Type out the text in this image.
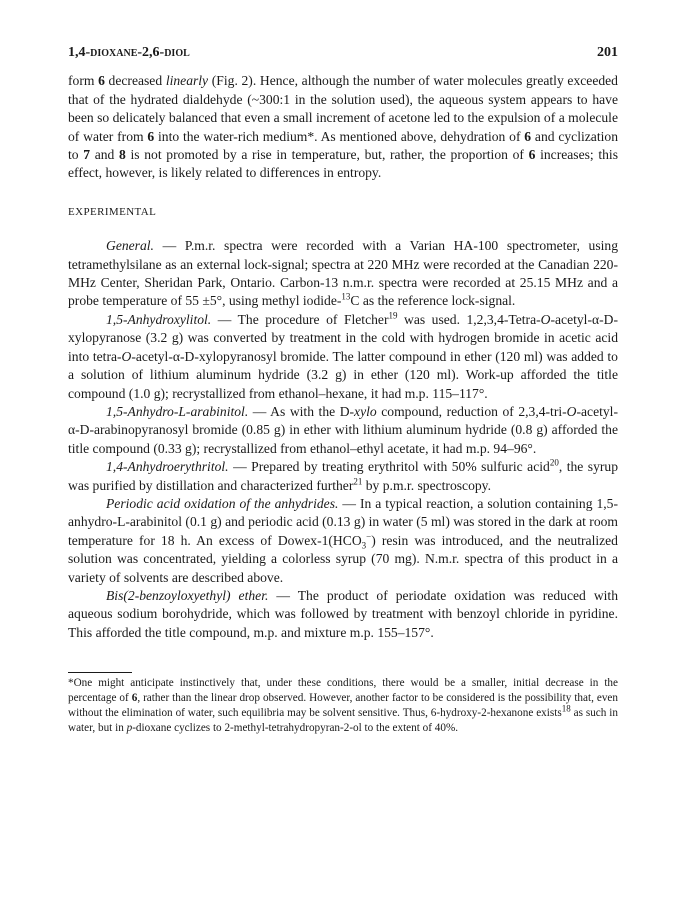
1,4-dioxane-2,6-diol	201

form 6 decreased linearly (Fig. 2). Hence, although the number of water molecules greatly exceeded that of the hydrated dialdehyde (~300:1 in the solution used), the aqueous system appears to have been so delicately balanced that even a small increment of acetone led to the expulsion of a molecule of water from 6 into the water-rich medium*. As mentioned above, dehydration of 6 and cyclization to 7 and 8 is not promoted by a rise in temperature, but, rather, the proportion of 6 increases; this effect, however, is likely related to differences in entropy.

EXPERIMENTAL

General. — P.m.r. spectra were recorded with a Varian HA-100 spectrometer, using tetramethylsilane as an external lock-signal; spectra at 220 MHz were recorded at the Canadian 220-MHz Center, Sheridan Park, Ontario. Carbon-13 n.m.r. spectra were recorded at 25.15 MHz and a probe temperature of 55 ±5°, using methyl iodide-$^{13}$C as the reference lock-signal.

1,5-Anhydroxylitol. — The procedure of Fletcher$^{19}$ was used. 1,2,3,4-Tetra-O-acetyl-α-D-xylopyranose (3.2 g) was converted by treatment in the cold with hydrogen bromide in acetic acid into tetra-O-acetyl-α-D-xylopyranosyl bromide. The latter compound in ether (120 ml) was added to a solution of lithium aluminum hydride (3.2 g) in ether (120 ml). Work-up afforded the title compound (1.0 g); recrystallized from ethanol–hexane, it had m.p. 115–117°.

1,5-Anhydro-L-arabinitol. — As with the D-xylo compound, reduction of 2,3,4-tri-O-acetyl-α-D-arabinopyranosyl bromide (0.85 g) in ether with lithium aluminum hydride (0.8 g) afforded the title compound (0.33 g); recrystallized from ethanol–ethyl acetate, it had m.p. 94–96°.

1,4-Anhydroerythritol. — Prepared by treating erythritol with 50% sulfuric acid$^{20}$, the syrup was purified by distillation and characterized further$^{21}$ by p.m.r. spectroscopy.

Periodic acid oxidation of the anhydrides. — In a typical reaction, a solution containing 1,5-anhydro-L-arabinitol (0.1 g) and periodic acid (0.13 g) in water (5 ml) was stored in the dark at room temperature for 18 h. An excess of Dowex-$1(HCO_3^-)$ resin was introduced, and the neutralized solution was concentrated, yielding a colorless syrup (70 mg). N.m.r. spectra of this product in a variety of solvents are described above.

Bis(2-benzoyloxyethyl) ether. — The product of periodate oxidation was reduced with aqueous sodium borohydride, which was followed by treatment with benzoyl chloride in pyridine. This afforded the title compound, m.p. and mixture m.p. 155–157°.

*One might anticipate instinctively that, under these conditions, there would be a smaller, initial decrease in the percentage of 6, rather than the linear drop observed. However, another factor to be considered is the possibility that, even without the elimination of water, such equilibria may be solvent sensitive. Thus, 6-hydroxy-2-hexanone exists$^{18}$ as such in water, but in p-dioxane cyclizes to 2-methyl-tetrahydropyran-2-ol to the extent of 40%.
